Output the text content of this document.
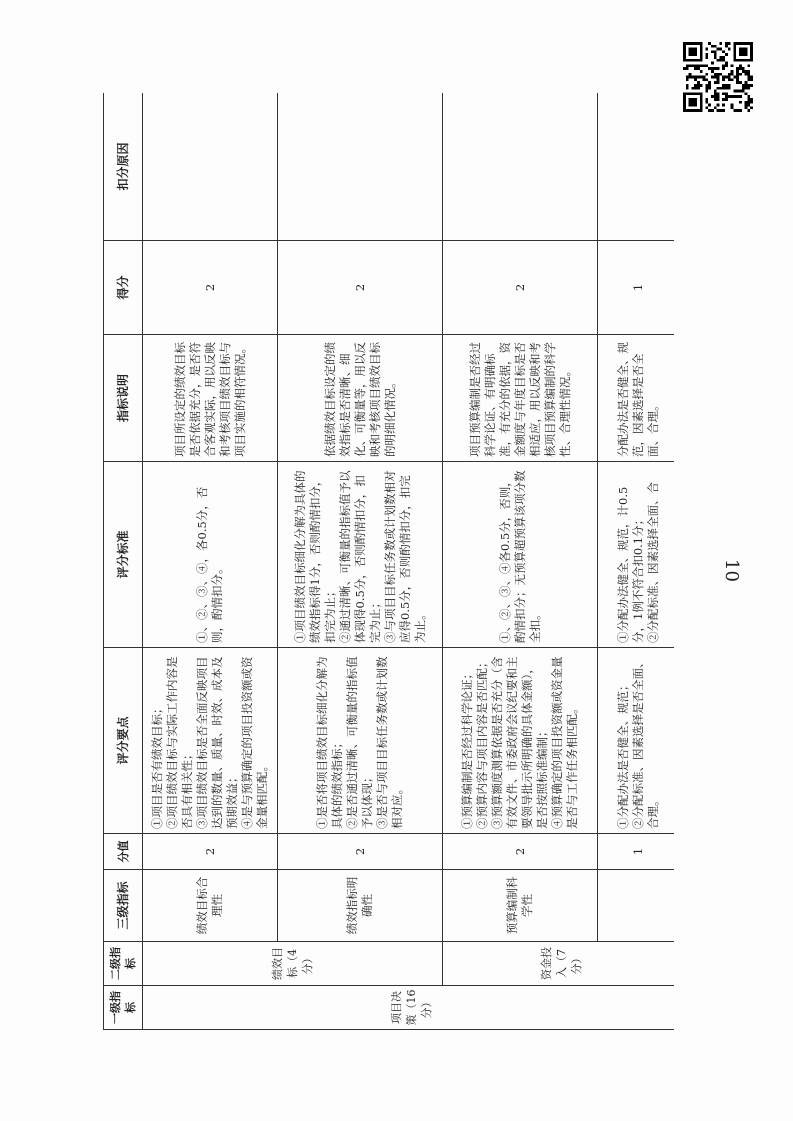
一级指标	二级指标	三级指标	分值	评分要点	评分标准	指标说明	得分	扣分原因
项目决策（16分）	绩效目标（4分）	绩效目标合理性	2	①项目是否有绩效目标； ②项目绩效目标与实际工作内容是否具有相关性； ③项目绩效目标是否全面反映项目达到的数量、质量、时效、成本及预期效益； ④是与预算确定的项目投资额或资金量相匹配。	①、②、③、④，各0.5分，否则，酌情扣分。	项目所设定的绩效目标是否依据充分，是否符合客观实际，用以反映和考核项目绩效目标与项目实施的相符情况。	2	
		绩效指标明确性	2	①是否将项目绩效目标细化分解为具体的绩效指标； ②是否通过清晰、可衡量的指标值予以体现； ③是否与项目目标任务数或计划数相对应。	①项目绩效目标细化分解为具体的绩效指标得1分，否则酌情扣分，扣完为止； ②通过清晰、可衡量的指标值予以体现得0.5分，否则酌情扣分，扣完为止； ③与项目目标任务数或计划数相对应得0.5分，否则酌情扣分，扣完为止。	依据绩效目标设定的绩效指标是否清晰、细化、可衡量等，用以反映和考核项目绩效目标的明细化情况。	2	
	资金投入（7分）	预算编制科学性	2	①预算编制是否经过科学论证； ②预算内容与项目内容是否匹配； ③预算额度测算依据是否充分（含有效文件、市委政府会议纪要和主要领导批示所明确的具体金额），是否按照标准编制； ④预算确定的项目投资额或资金量是否与工作任务相匹配。	①、②、③、④各0.5分，否则，酌情扣分；无预算超预算该项分数全扣。	项目预算编制是否经过科学论证、有明确标准，有充分的依据，资金额度与年度目标是否相适应，用以反映和考核项目预算编制的科学性、合理性情况。	2	
			1	①分配办法是否健全、规范； ②分配标准、因素选择是否全面、合理。	①分配办法健全、规范，计0.5分，1例不符合扣0.1分； ②分配标准、因素选择全面、合	分配办法是否健全、规范，因素选择是否全面、合理。	1	
10
